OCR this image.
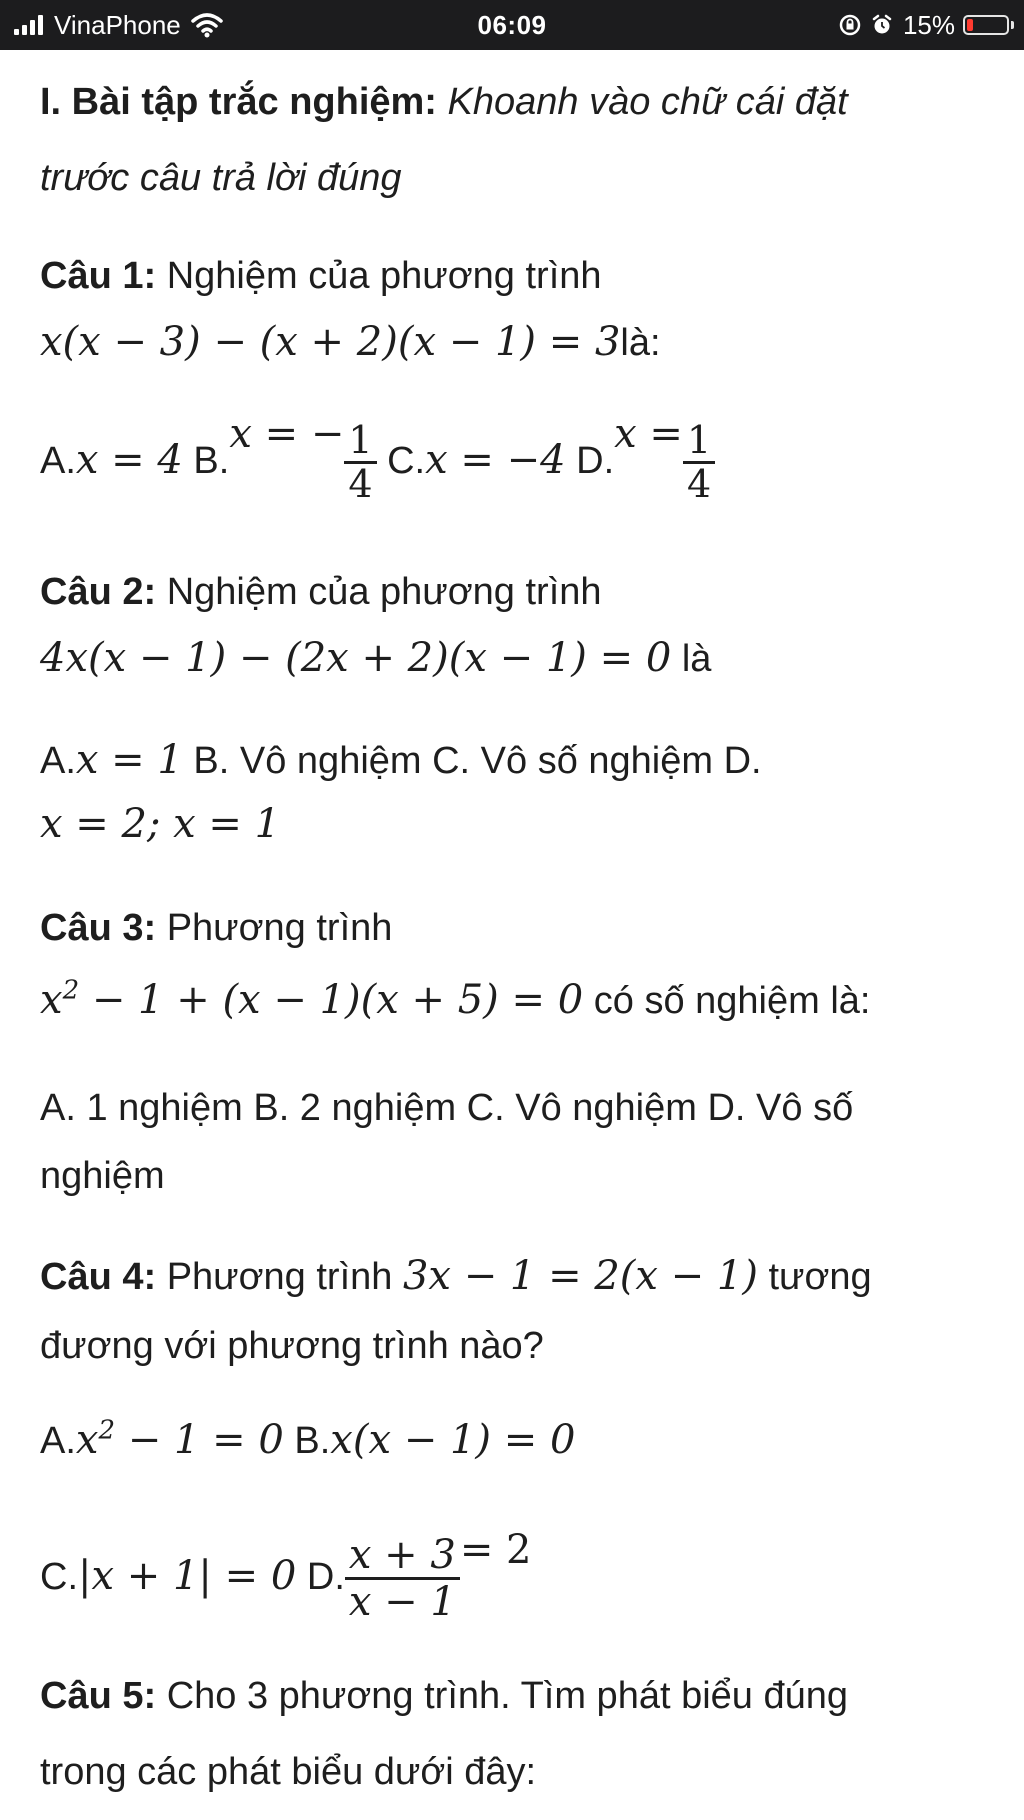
VinaPhone	06:09	15%
I. Bài tập trắc nghiệm: Khoanh vào chữ cái đặt
trước câu trả lời đúng
Câu 1: Nghiệm của phương trình
x(x − 3) − (x + 2)(x − 1) = 3là:
A.x = 4 B.x = − $\frac{1}{4} C.x = -4$ $D.x = \frac{1}{4}$
Câu 2: Nghiệm của phương trình
4x(x − 1) − (2x + 2)(x − 1) = 0 là
A.x = 1 B. Vô nghiệm C. Vô số nghiệm D.
x = 2; x = 1
Câu 3: Phương trình
$x^2 - 1 + (x - 1)(x + 5) = 0$ có số nghiệm là:
A. 1 nghiệm B. 2 nghiệm C. Vô nghiệm D. Vô số
nghiệm
Câu 4: Phương trình 3x − 1 = 2(x − 1) tương
đương với phương trình nào?
$A.x^2 - 1 = 0$ B.x(x − 1) = 0
C.|x + 1| = 0 D. $\frac{x + 3}{x - 1} = 2$
Câu 5: Cho 3 phương trình. Tìm phát biểu đúng
trong các phát biểu dưới đây:
